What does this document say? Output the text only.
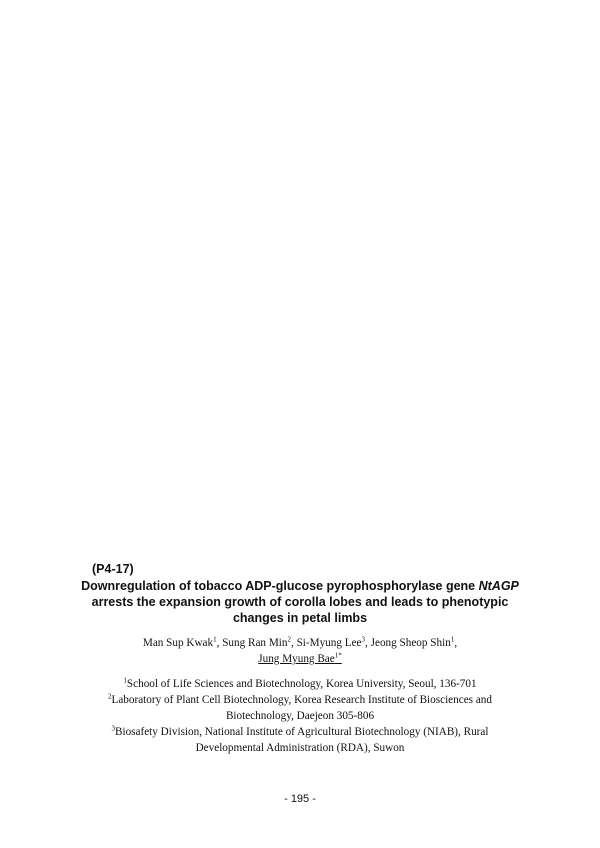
(P4-17)
Downregulation of tobacco ADP-glucose pyrophosphorylase gene NtAGP
arrests the expansion growth of corolla lobes and leads to phenotypic
changes in petal limbs
Man Sup Kwak$^1$, Sung Ran Min$^2$, Si-Myung Lee$^3$, Jeong Sheop Shin$^1$,
Jung Myung Bae$^{1*}$
$^1$School of Life Sciences and Biotechnology, Korea University, Seoul, 136-701
$^2$Laboratory of Plant Cell Biotechnology, Korea Research Institute of Biosciences and
Biotechnology, Daejeon 305-806
$^3$Biosafety Division, National Institute of Agricultural Biotechnology (NIAB), Rural
Developmental Administration (RDA), Suwon
- 195 -
